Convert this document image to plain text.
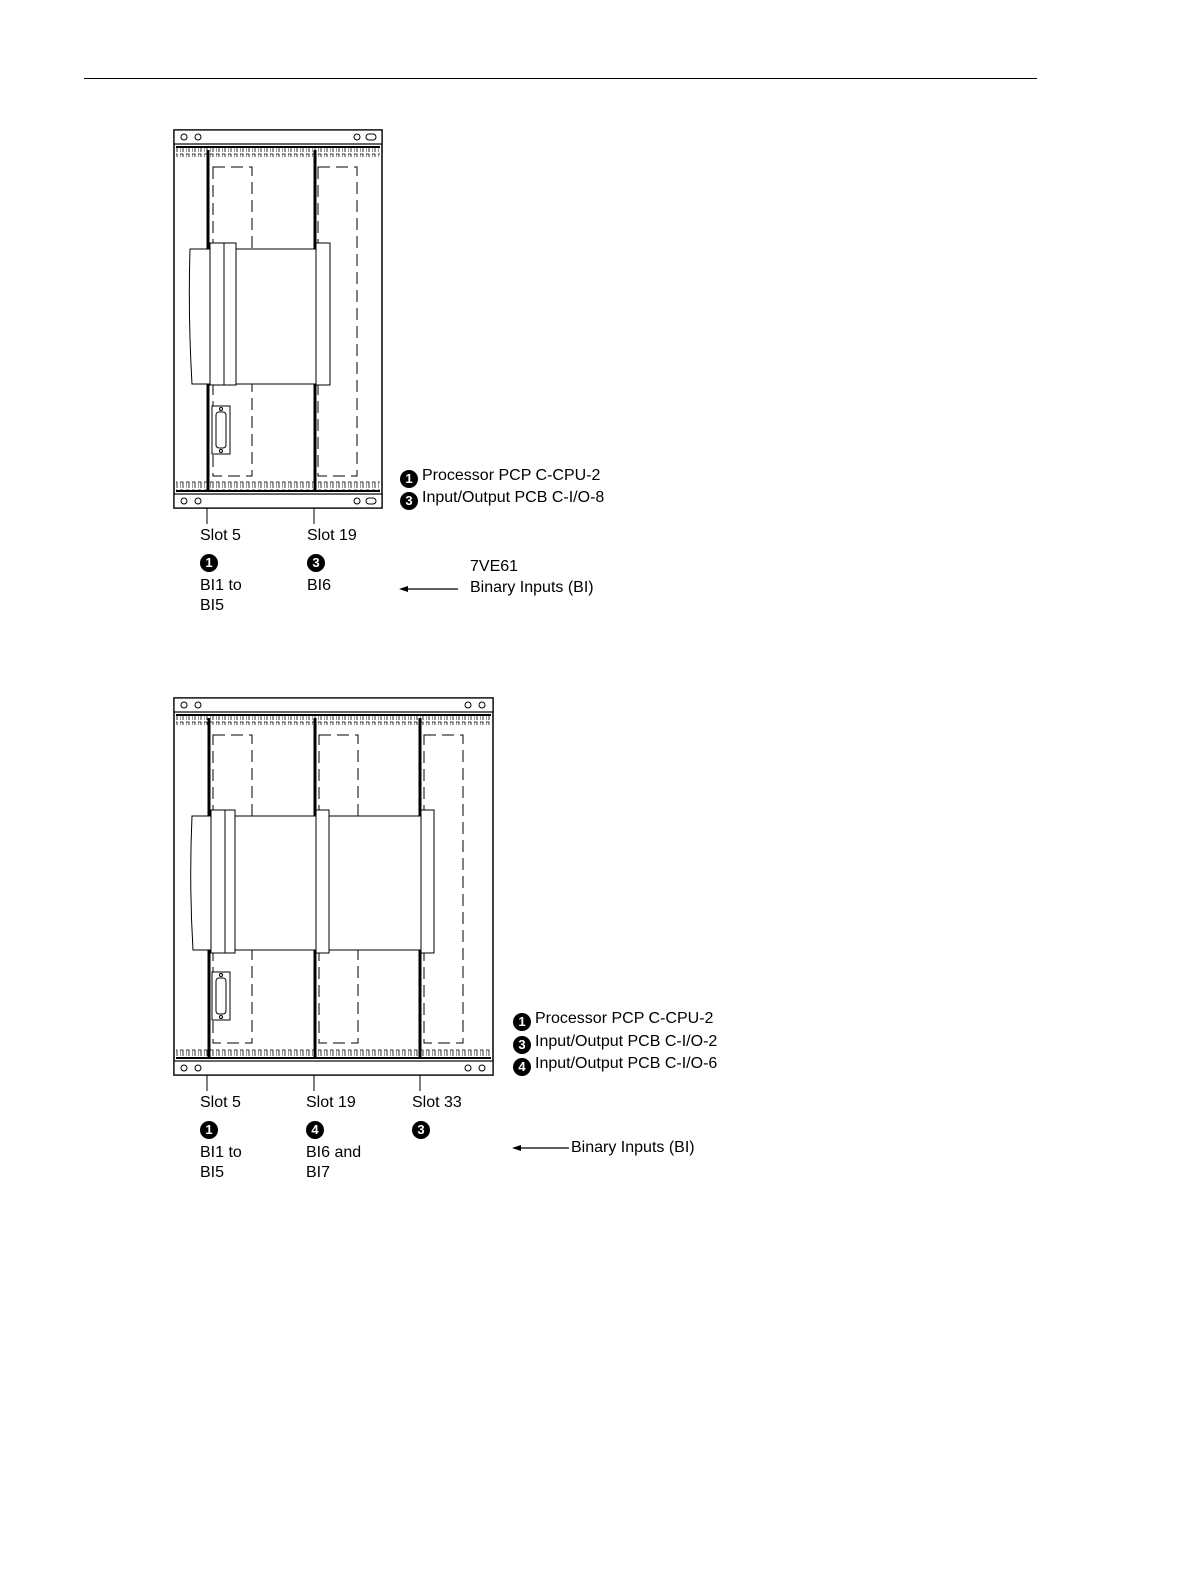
1 Processor PCP C-CPU-2
3 Input/Output PCB C-I/O-8
Slot 5
1
BI1 to
BI5
Slot 19
3
BI6
7VE61
Binary Inputs (BI)
1 Processor PCP C-CPU-2
3 Input/Output PCB C-I/O-2
4 Input/Output PCB C-I/O-6
Slot 5
1
BI1 to
BI5
Slot 19
4
BI6 and
BI7
Slot 33
3
Binary Inputs (BI)
